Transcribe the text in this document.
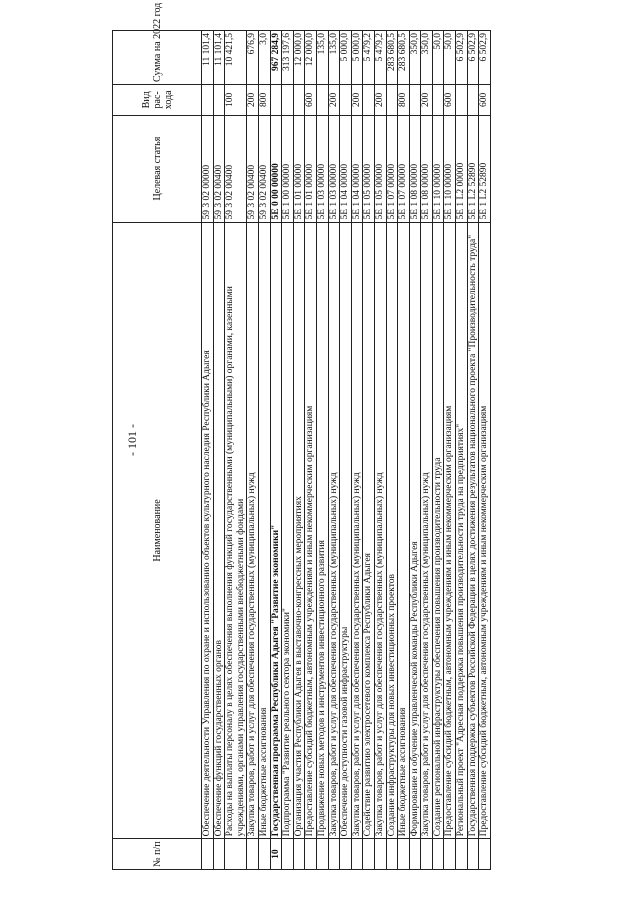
- 101 -
№ п/п	Наименование	Целевая статья	Вид рас- хода	Сумма на 2022 год
	Обеспечение деятельности Управления по охране и использованию объектов культурного наследия Республики Адыгея	59 3 02 00000		11 101,4
	Обеспечение функций государственных органов	59 3 02 00400		11 101,4
	Расходы на выплаты персоналу в целях обеспечения выполнения функций государственными (муниципальными) органами, казенными учреждениями, органами управления государственными внебюджетными фондами	59 3 02 00400	100	10 421,5
	Закупка товаров, работ и услуг для обеспечения государственных (муниципальных) нужд	59 3 02 00400	200	676,9
	Иные бюджетные ассигнования	59 3 02 00400	800	3,0
10	Государственная программа Республики Адыгея "Развитие экономики"	5Е 0 00 00000		967 284,9
	Подпрограмма "Развитие реального сектора экономики"	5Е 1 00 00000		313 197,6
	Организация участия Республики Адыгея в выставочно-конгрессных мероприятиях	5Е 1 01 00000		12 000,0
	Предоставление субсидий бюджетным, автономным учреждениям и иным некоммерческим организациям	5Е 1 01 00000	600	12 000,0
	Продвижение новых методов и инструментов инвестиционного развития	5Е 1 03 00000		135,0
	Закупка товаров, работ и услуг для обеспечения государственных (муниципальных) нужд	5Е 1 03 00000	200	135,0
	Обеспечение доступности газовой инфраструктуры	5Е 1 04 00000		5 000,0
	Закупка товаров, работ и услуг для обеспечения государственных (муниципальных) нужд	5Е 1 04 00000	200	5 000,0
	Содействие развитию электросетевого комплекса Республики Адыгея	5Е 1 05 00000		5 479,2
	Закупка товаров, работ и услуг для обеспечения государственных (муниципальных) нужд	5Е 1 05 00000	200	5 479,2
	Создание инфраструктуры для новых инвестиционных проектов	5Е 1 07 00000		283 680,5
	Иные бюджетные ассигнования	5Е 1 07 00000	800	283 680,5
	Формирование и обучение управленческой команды Республики Адыгея	5Е 1 08 00000		350,0
	Закупка товаров, работ и услуг для обеспечения государственных (муниципальных) нужд	5Е 1 08 00000	200	350,0
	Создание региональной инфраструктуры обеспечения повышения производительности труда	5Е 1 10 00000		50,0
	Предоставление субсидий бюджетным, автономным учреждениям и иным некоммерческим организациям	5Е 1 10 00000	600	50,0
	Региональный проект "Адресная поддержка повышения производительности труда на предприятиях"	5Е 1 L2 00000		6 502,9
	Государственная поддержка субъектов Российской Федерации в целях достижения результатов национального проекта "Производительность труда"	5Е 1 L2 52890		6 502,9
	Предоставление субсидий бюджетным, автономным учреждениям и иным некоммерческим организациям	5Е 1 L2 52890	600	6 502,9
